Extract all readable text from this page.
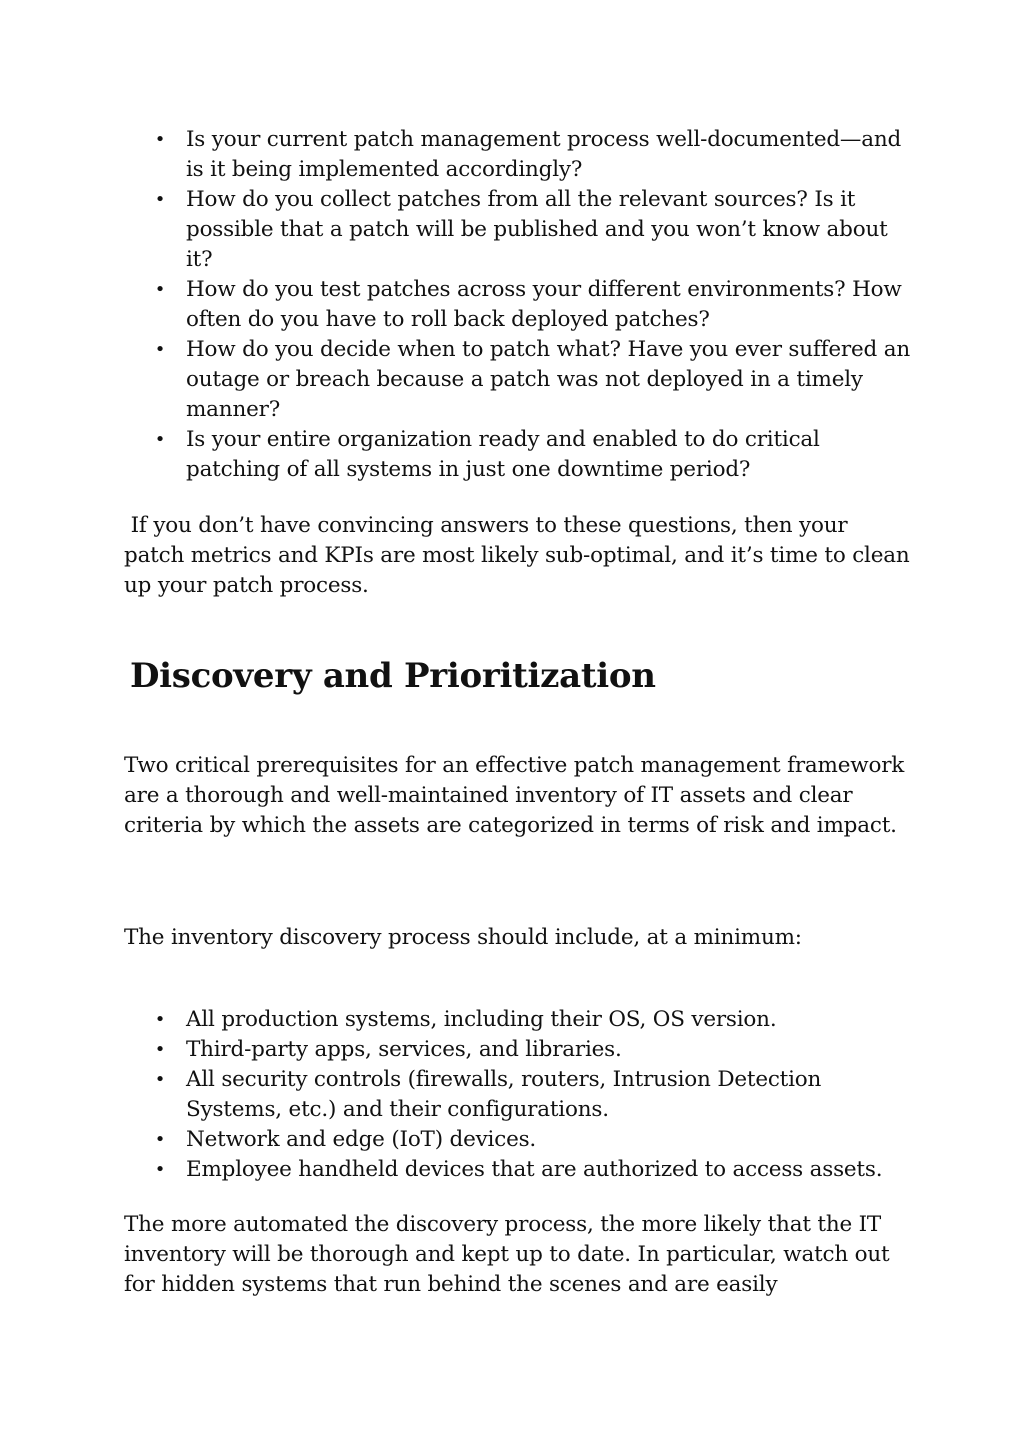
• Is your current patch management process well-documented—and is it being implemented accordingly?
• How do you collect patches from all the relevant sources? Is it possible that a patch will be published and you won’t know about it?
• How do you test patches across your different environments? How often do you have to roll back deployed patches?
• How do you decide when to patch what? Have you ever suffered an outage or breach because a patch was not deployed in a timely manner?
• Is your entire organization ready and enabled to do critical patching of all systems in just one downtime period?

If you don’t have convincing answers to these questions, then your patch metrics and KPIs are most likely sub-optimal, and it’s time to clean up your patch process.

Discovery and Prioritization

Two critical prerequisites for an effective patch management framework are a thorough and well-maintained inventory of IT assets and clear criteria by which the assets are categorized in terms of risk and impact.

The inventory discovery process should include, at a minimum:

• All production systems, including their OS, OS version.
• Third-party apps, services, and libraries.
• All security controls (firewalls, routers, Intrusion Detection Systems, etc.) and their configurations.
• Network and edge (IoT) devices.
• Employee handheld devices that are authorized to access assets.

The more automated the discovery process, the more likely that the IT inventory will be thorough and kept up to date. In particular, watch out for hidden systems that run behind the scenes and are easily
